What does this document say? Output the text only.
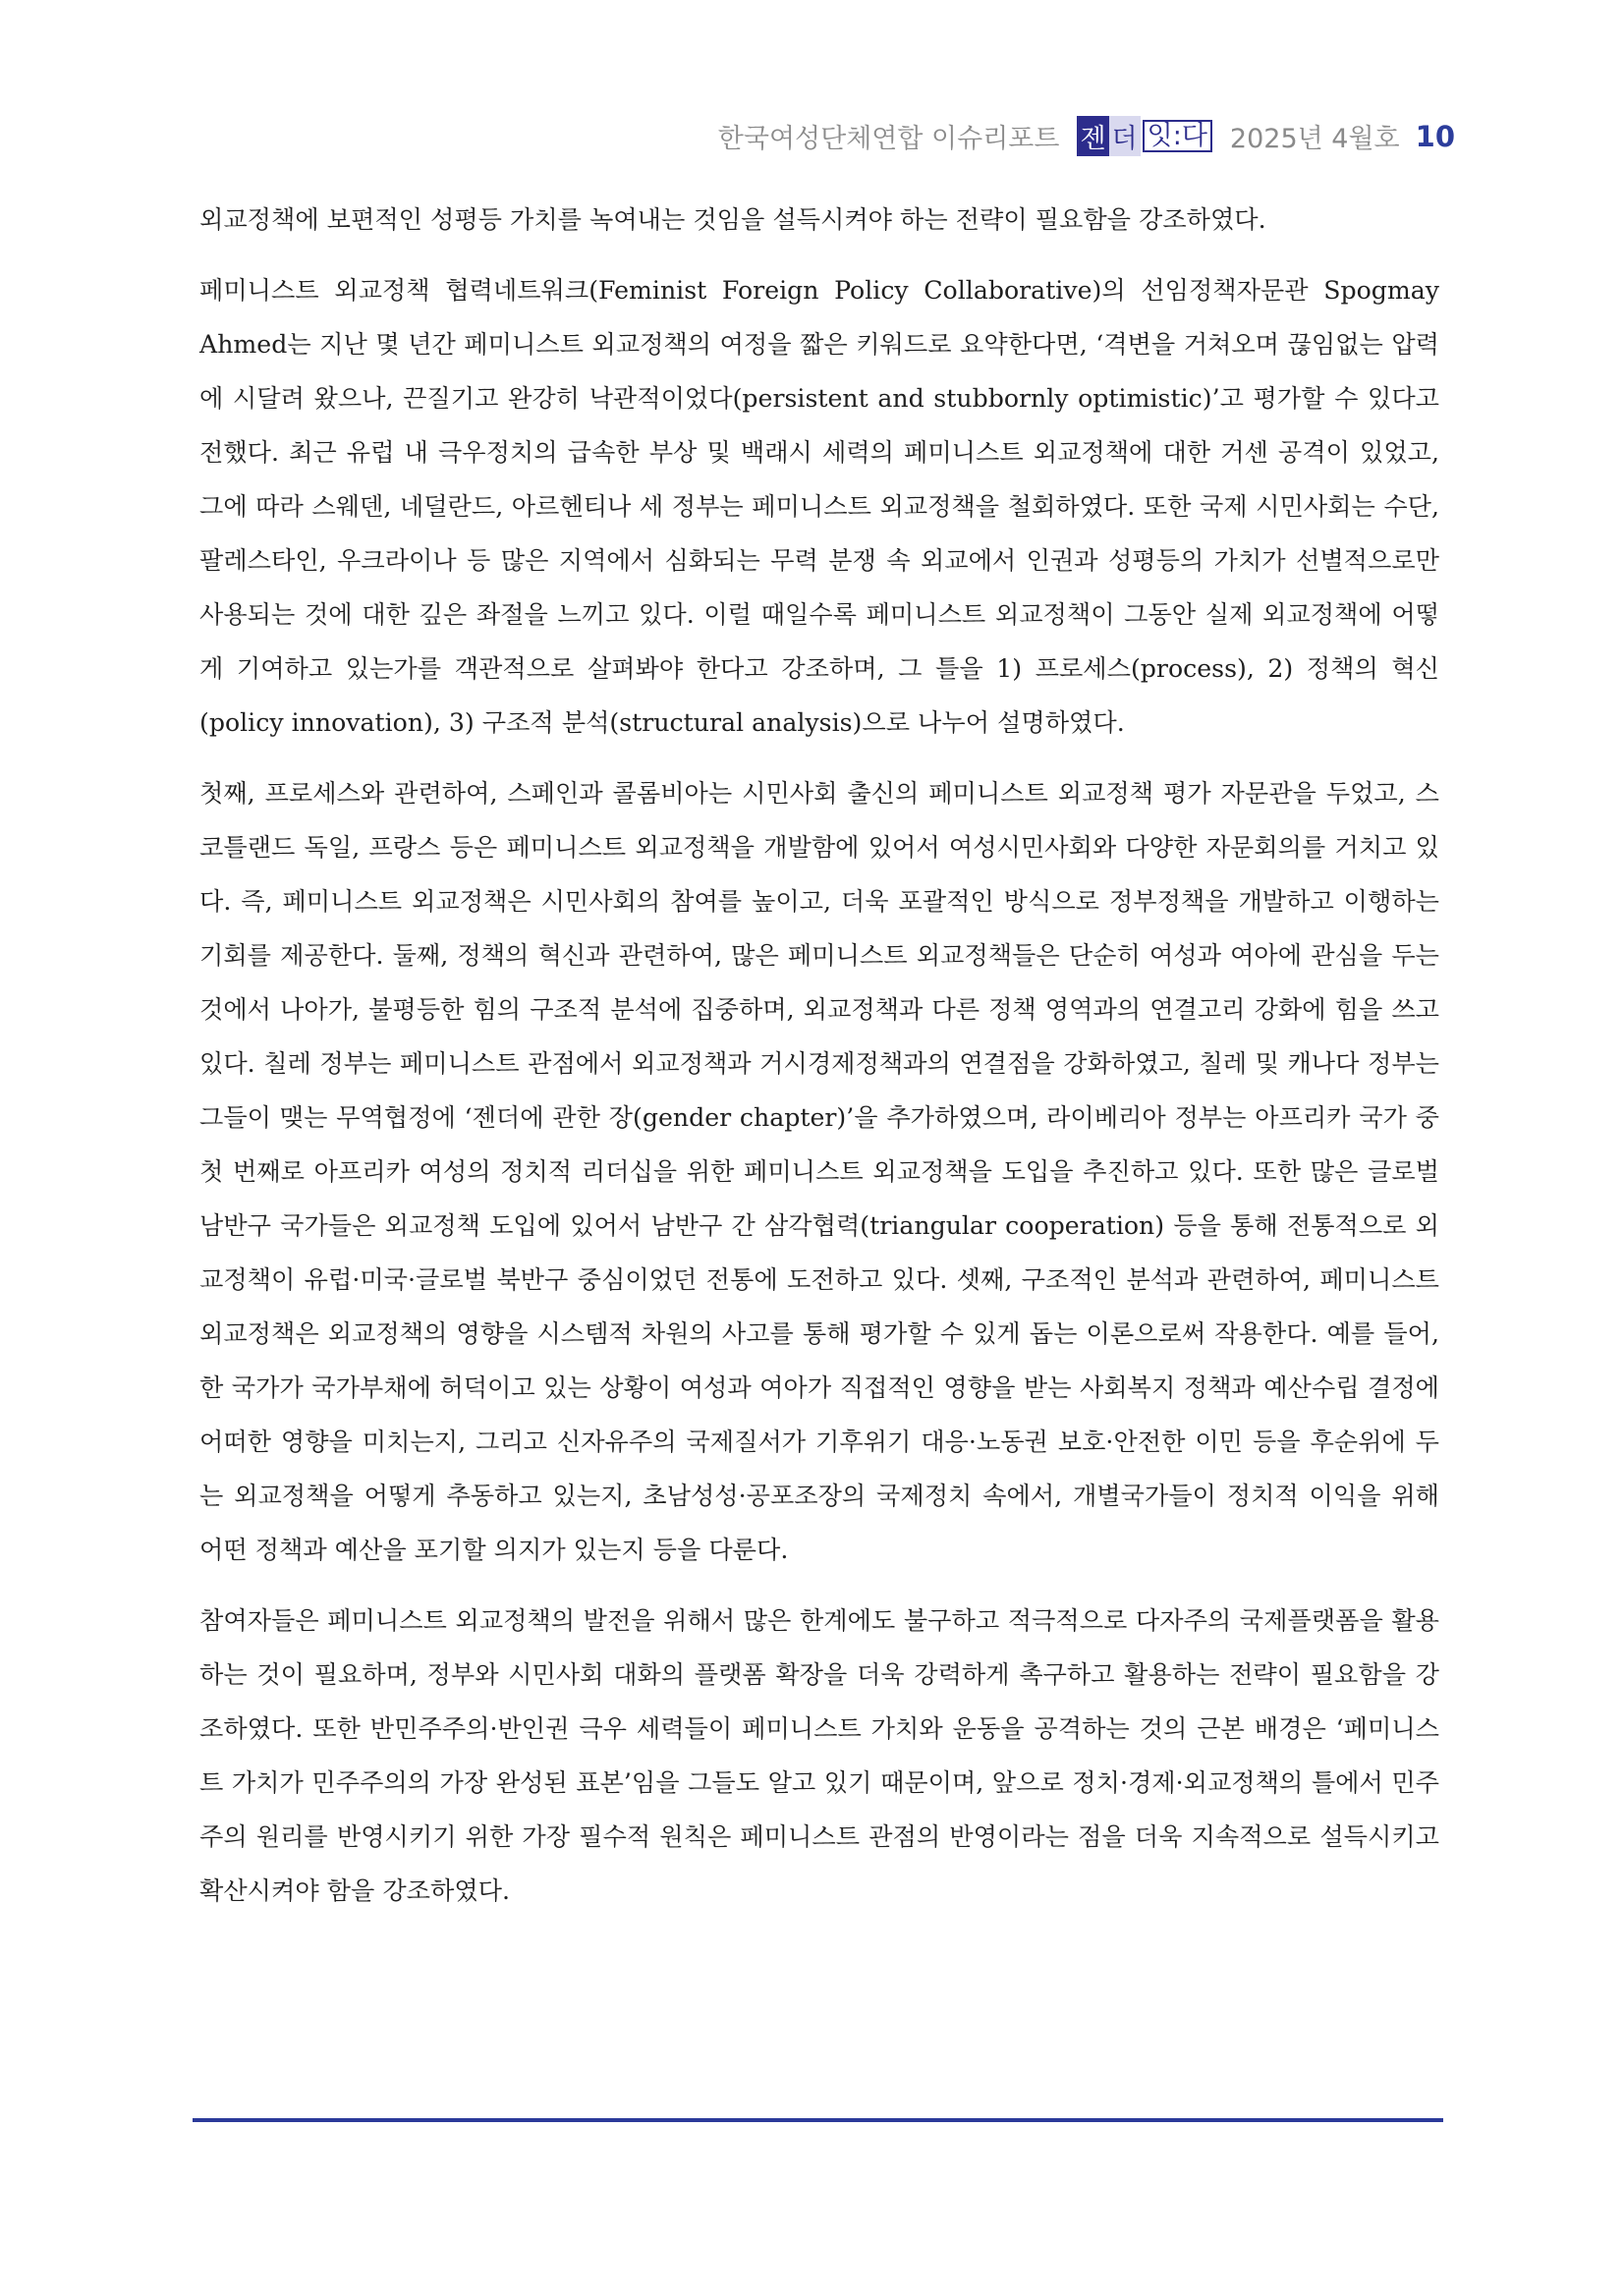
한국여성단체연합 이슈리포트 젠 더 잇:다 2025년 4월호 10

외교정책에 보편적인 성평등 가치를 녹여내는 것임을 설득시켜야 하는 전략이 필요함을 강조하였다.

페미니스트 외교정책 협력네트워크(Feminist Foreign Policy Collaborative)의 선임정책자문관 Spogmay Ahmed는 지난 몇 년간 페미니스트 외교정책의 여정을 짧은 키워드로 요약한다면, ‘격변을 거쳐오며 끊임없는 압력에 시달려 왔으나, 끈질기고 완강히 낙관적이었다(persistent and stubbornly optimistic)’고 평가할 수 있다고 전했다. 최근 유럽 내 극우정치의 급속한 부상 및 백래시 세력의 페미니스트 외교정책에 대한 거센 공격이 있었고, 그에 따라 스웨덴, 네덜란드, 아르헨티나 세 정부는 페미니스트 외교정책을 철회하였다. 또한 국제 시민사회는 수단, 팔레스타인, 우크라이나 등 많은 지역에서 심화되는 무력 분쟁 속 외교에서 인권과 성평등의 가치가 선별적으로만 사용되는 것에 대한 깊은 좌절을 느끼고 있다. 이럴 때일수록 페미니스트 외교정책이 그동안 실제 외교정책에 어떻게 기여하고 있는가를 객관적으로 살펴봐야 한다고 강조하며, 그 틀을 1) 프로세스(process), 2) 정책의 혁신(policy innovation), 3) 구조적 분석(structural analysis)으로 나누어 설명하였다.

첫째, 프로세스와 관련하여, 스페인과 콜롬비아는 시민사회 출신의 페미니스트 외교정책 평가 자문관을 두었고, 스코틀랜드 독일, 프랑스 등은 페미니스트 외교정책을 개발함에 있어서 여성시민사회와 다양한 자문회의를 거치고 있다. 즉, 페미니스트 외교정책은 시민사회의 참여를 높이고, 더욱 포괄적인 방식으로 정부정책을 개발하고 이행하는 기회를 제공한다. 둘째, 정책의 혁신과 관련하여, 많은 페미니스트 외교정책들은 단순히 여성과 여아에 관심을 두는 것에서 나아가, 불평등한 힘의 구조적 분석에 집중하며, 외교정책과 다른 정책 영역과의 연결고리 강화에 힘을 쓰고 있다. 칠레 정부는 페미니스트 관점에서 외교정책과 거시경제정책과의 연결점을 강화하였고, 칠레 및 캐나다 정부는 그들이 맺는 무역협정에 ‘젠더에 관한 장(gender chapter)’을 추가하였으며, 라이베리아 정부는 아프리카 국가 중 첫 번째로 아프리카 여성의 정치적 리더십을 위한 페미니스트 외교정책을 도입을 추진하고 있다. 또한 많은 글로벌 남반구 국가들은 외교정책 도입에 있어서 남반구 간 삼각협력(triangular cooperation) 등을 통해 전통적으로 외교정책이 유럽·미국·글로벌 북반구 중심이었던 전통에 도전하고 있다. 셋째, 구조적인 분석과 관련하여, 페미니스트 외교정책은 외교정책의 영향을 시스템적 차원의 사고를 통해 평가할 수 있게 돕는 이론으로써 작용한다. 예를 들어, 한 국가가 국가부채에 허덕이고 있는 상황이 여성과 여아가 직접적인 영향을 받는 사회복지 정책과 예산수립 결정에 어떠한 영향을 미치는지, 그리고 신자유주의 국제질서가 기후위기 대응·노동권 보호·안전한 이민 등을 후순위에 두는 외교정책을 어떻게 추동하고 있는지, 초남성성·공포조장의 국제정치 속에서, 개별국가들이 정치적 이익을 위해 어떤 정책과 예산을 포기할 의지가 있는지 등을 다룬다.

참여자들은 페미니스트 외교정책의 발전을 위해서 많은 한계에도 불구하고 적극적으로 다자주의 국제플랫폼을 활용하는 것이 필요하며, 정부와 시민사회 대화의 플랫폼 확장을 더욱 강력하게 촉구하고 활용하는 전략이 필요함을 강조하였다. 또한 반민주주의·반인권 극우 세력들이 페미니스트 가치와 운동을 공격하는 것의 근본 배경은 ‘페미니스트 가치가 민주주의의 가장 완성된 표본’임을 그들도 알고 있기 때문이며, 앞으로 정치·경제·외교정책의 틀에서 민주주의 원리를 반영시키기 위한 가장 필수적 원칙은 페미니스트 관점의 반영이라는 점을 더욱 지속적으로 설득시키고 확산시켜야 함을 강조하였다.
